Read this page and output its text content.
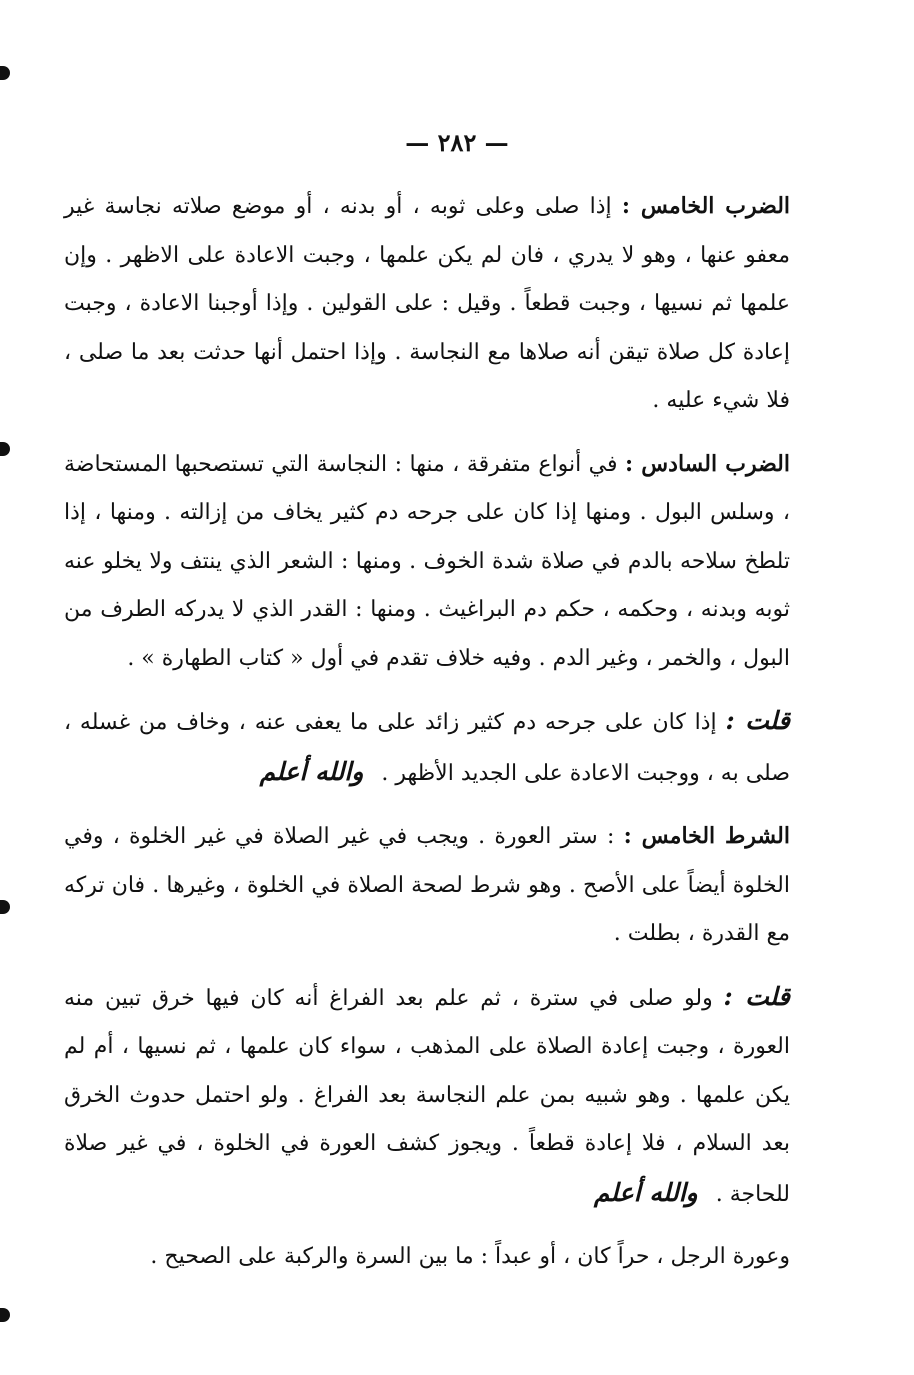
— ٢٨٢ —

الضرب الخامس : إذا صلى وعلى ثوبه ، أو بدنه ، أو موضع صلاته نجاسة غير معفو عنها ، وهو لا يدري ، فان لم يكن علمها ، وجبت الاعادة على الاظهر . وإن علمها ثم نسيها ، وجبت قطعاً . وقيل : على القولين . وإذا أوجبنا الاعادة ، وجبت إعادة كل صلاة تيقن أنه صلاها مع النجاسة . وإذا احتمل أنها حدثت بعد ما صلى ، فلا شيء عليه .

الضرب السادس : في أنواع متفرقة ، منها : النجاسة التي تستصحبها المستحاضة ، وسلس البول . ومنها إذا كان على جرحه دم كثير يخاف من إزالته . ومنها ، إذا تلطخ سلاحه بالدم في صلاة شدة الخوف . ومنها : الشعر الذي ينتف ولا يخلو عنه ثوبه وبدنه ، وحكمه ، حكم دم البراغيث . ومنها : القدر الذي لا يدركه الطرف من البول ، والخمر ، وغير الدم . وفيه خلاف تقدم في أول « كتاب الطهارة » .

قلت : إذا كان على جرحه دم كثير زائد على ما يعفى عنه ، وخاف من غسله ، صلى به ، ووجبت الاعادة على الجديد الأظهر .والله أعلم

الشرط الخامس : : ستر العورة . ويجب في غير الصلاة في غير الخلوة ، وفي الخلوة أيضاً على الأصح . وهو شرط لصحة الصلاة في الخلوة ، وغيرها . فان تركه مع القدرة ، بطلت .

قلت : ولو صلى في سترة ، ثم علم بعد الفراغ أنه كان فيها خرق تبين منه العورة ، وجبت إعادة الصلاة على المذهب ، سواء كان علمها ، ثم نسيها ، أم لم يكن علمها . وهو شبيه بمن علم النجاسة بعد الفراغ . ولو احتمل حدوث الخرق بعد السلام ، فلا إعادة قطعاً . ويجوز كشف العورة في الخلوة ، في غير صلاة للحاجة .والله أعلم

وعورة الرجل ، حراً كان ، أو عبداً : ما بين السرة والركبة على الصحيح .
